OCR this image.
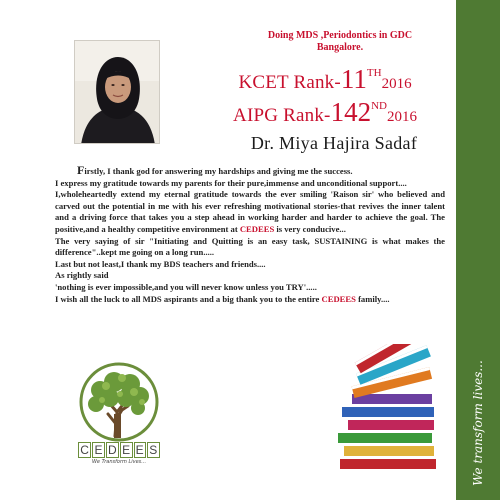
Doing MDS ,Periodontics in GDC
Bangalore.
KCET Rank-11TH2016
AIPG Rank-142ND2016
Dr. Miya Hajira Sadaf

Firstly, I thank god for answering my hardships and giving me the success.

I express my gratitude towards my parents for their pure,immense and unconditional support....

I,wholeheartedly extend my eternal gratitude towards the ever smiling 'Raison sir' who believed and carved out the potential in me with his ever refreshing motivational stories-that revives the inner talent and a driving force that takes you a step ahead in working harder and harder to achieve the goal. The positive,and a healthy competitive environment at CEDEES is very conducive...

The very saying of sir "Initiating and Quitting is an easy task, SUSTAINING is what makes the difference"..kept me going on a long run.....

Last but not least,I thank my BDS teachers and friends....

As rightly said

'nothing is ever impossible,and you will never know unless you TRY'.....

I wish all the luck to all MDS aspirants and a big thank you to the entire CEDEES family....

C E D E E S
We Transform Lives...	We transform lives...
